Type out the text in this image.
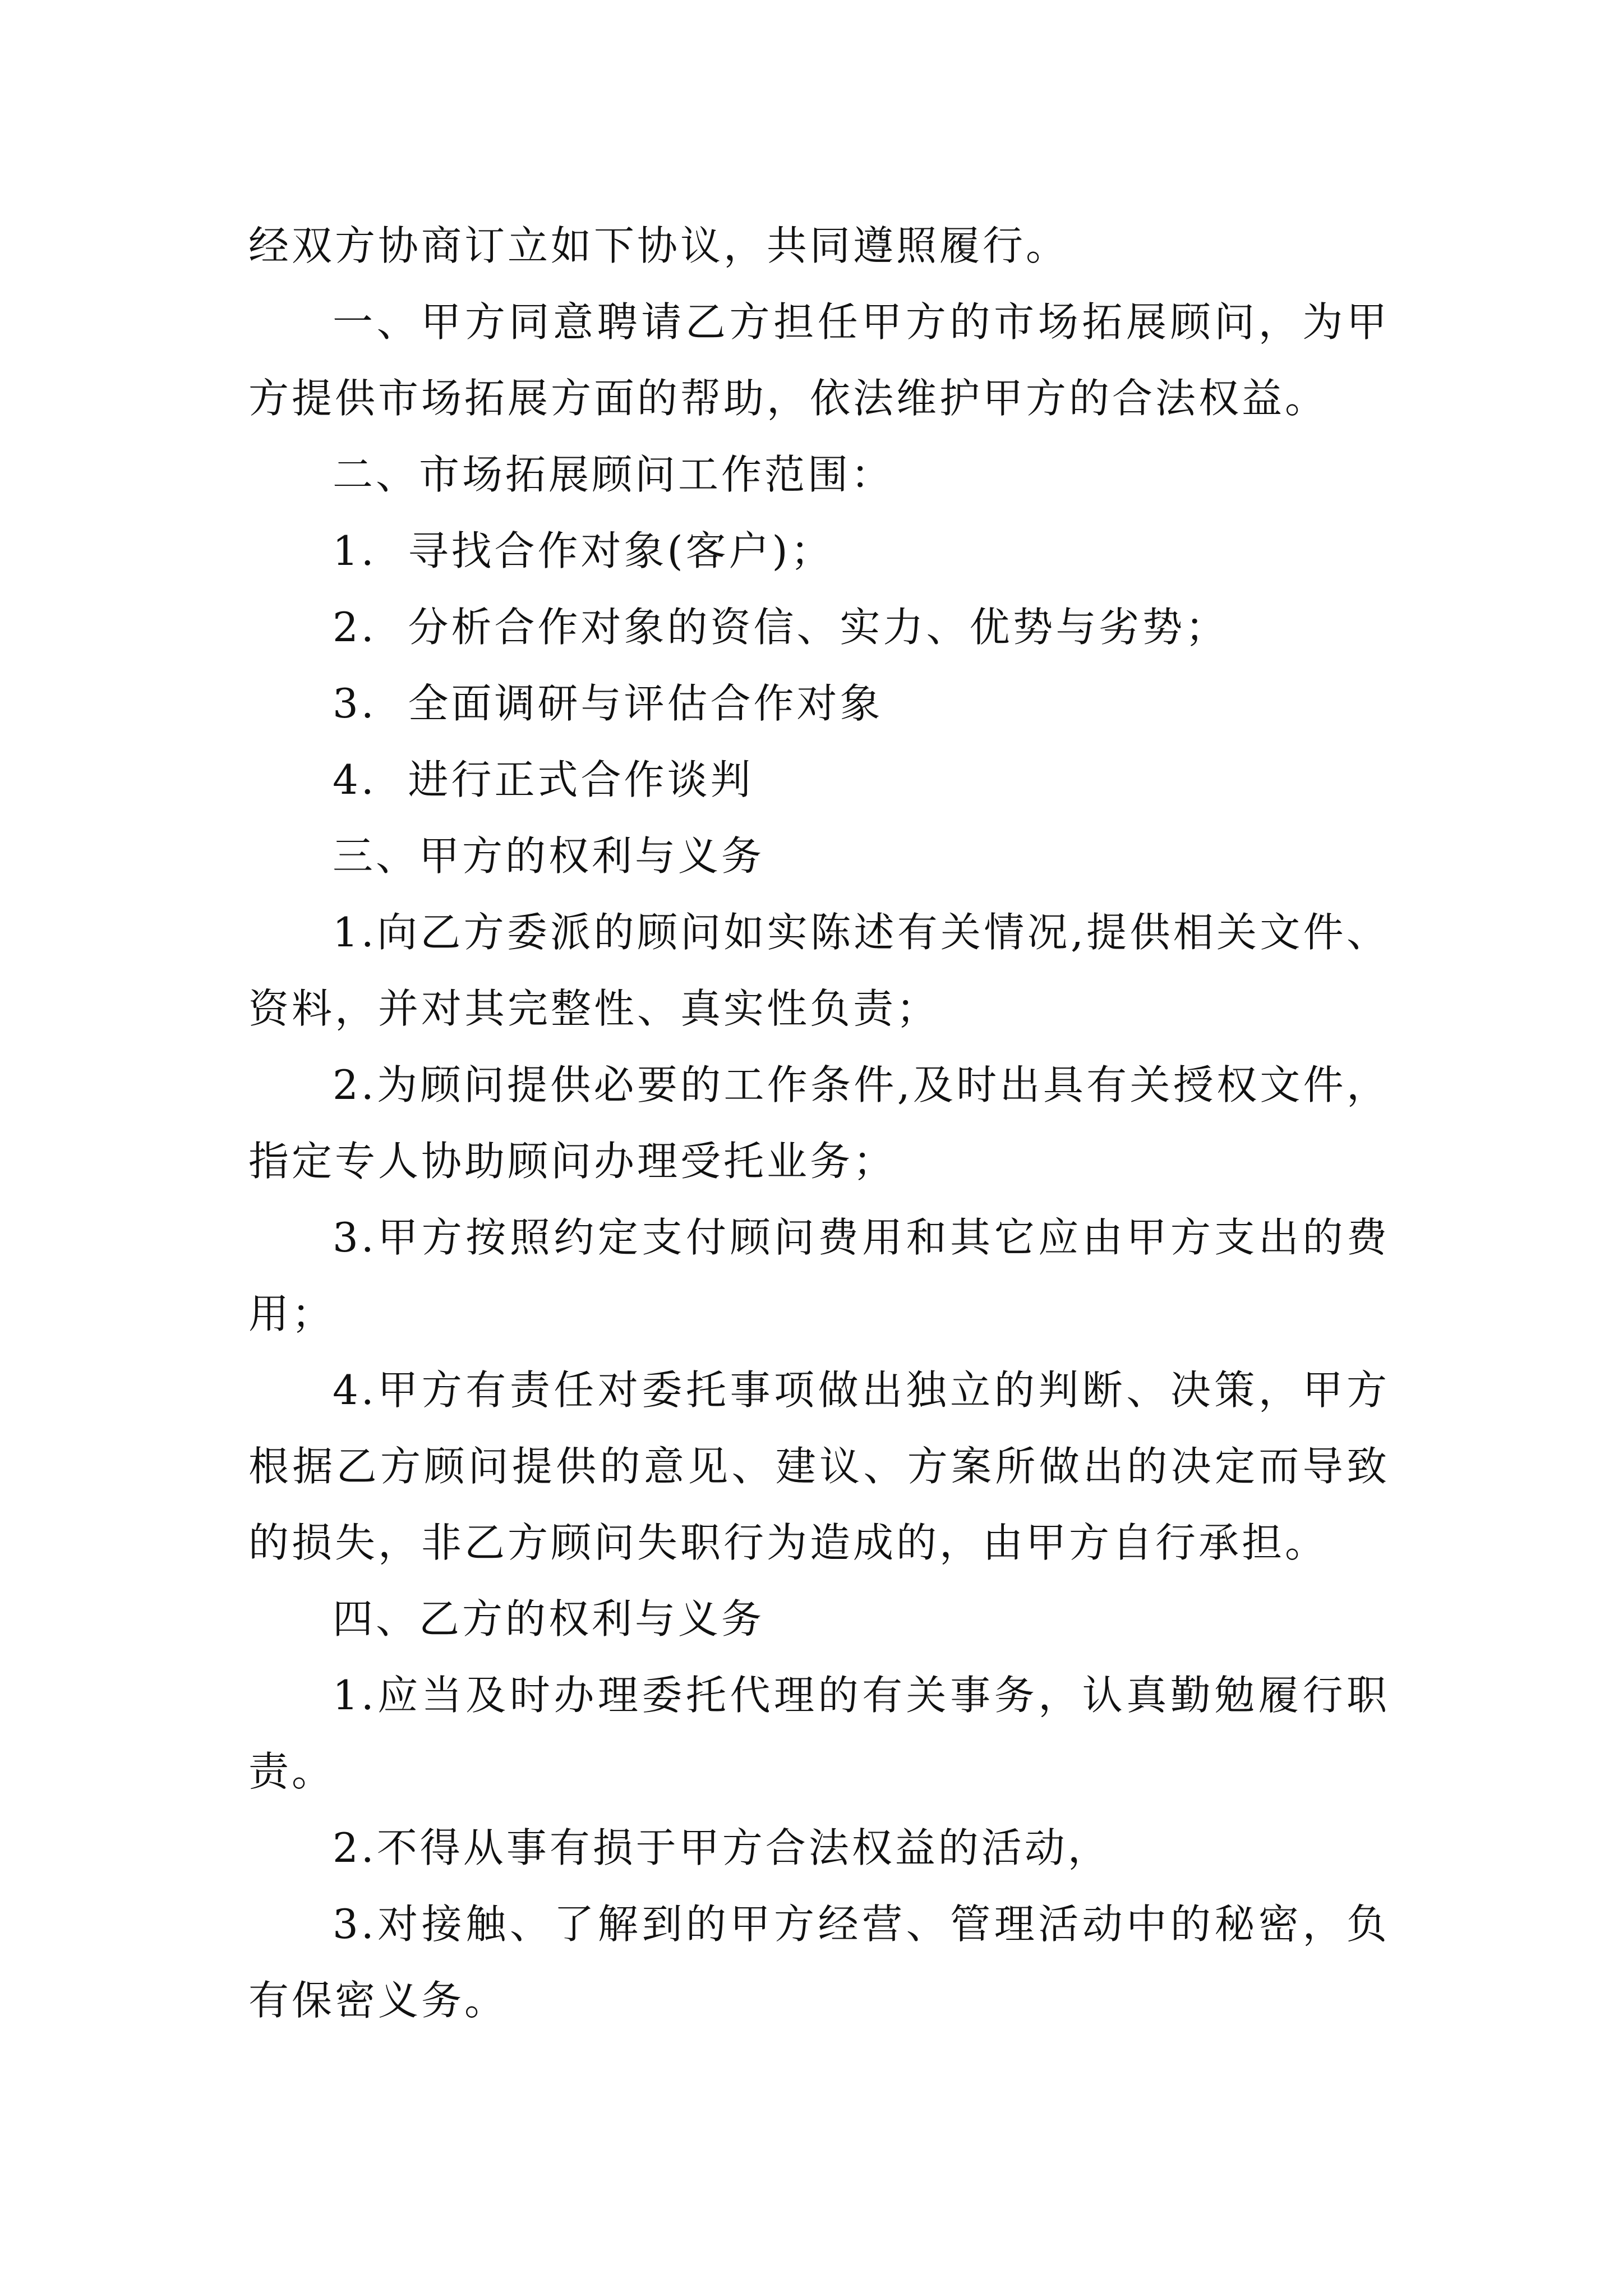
经双方协商订立如下协议，共同遵照履行。

一、甲方同意聘请乙方担任甲方的市场拓展顾问，为甲方提供市场拓展方面的帮助，依法维护甲方的合法权益。

二、市场拓展顾问工作范围：

1.  寻找合作对象(客户)；

2.  分析合作对象的资信、实力、优势与劣势；

3.  全面调研与评估合作对象

4.  进行正式合作谈判

三、甲方的权利与义务

1.向乙方委派的顾问如实陈述有关情况,提供相关文件、资料，并对其完整性、真实性负责；

2.为顾问提供必要的工作条件,及时出具有关授权文件，指定专人协助顾问办理受托业务；

3.甲方按照约定支付顾问费用和其它应由甲方支出的费用；

4.甲方有责任对委托事项做出独立的判断、决策，甲方根据乙方顾问提供的意见、建议、方案所做出的决定而导致的损失，非乙方顾问失职行为造成的，由甲方自行承担。

四、乙方的权利与义务

1.应当及时办理委托代理的有关事务，认真勤勉履行职责。

2.不得从事有损于甲方合法权益的活动，

3.对接触、了解到的甲方经营、管理活动中的秘密，负有保密义务。
